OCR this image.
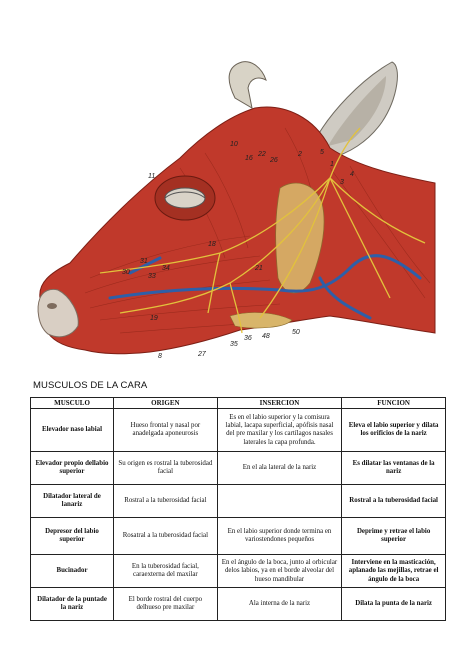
11
10
16
22
26
30
31
33
34
35
36
18
19
21
8	27
48
50
2	5
1
3
4
MUSCULOS DE LA CARA
MUSCULO	ORIGEN	INSERCION	FUNCION
Elevador naso labial	Hueso frontal y nasal por anadelgada aponeurosis	Es en el labio superior y la comisura labial, lacapa superficial, apófisis nasal del pre maxilar y los cartílagos nasales laterales la capa profunda.	Eleva el labio superior y dilata los orificios de la nariz
Elevador propio dellabio superior	Su origen es rostral la tuberosidad facial	En el ala lateral de la nariz	Es dilatar las ventanas de la nariz
Dilatador lateral de lanariz	Rostral a la tuberosidad facial		Rostral a la tuberosidad facial
Depresor del labio superior	Rosatral a la tuberosidad facial	En el labio superior donde termina en variostendones pequeños	Deprime y retrae el labio superior
Bucinador	En la tuberosidad facial, caraexterna del maxilar	En el ángulo de la boca, junto al orbicular delos labios, ya en el borde alveolar del hueso mandibular	Interviene en la masticación, aplanado las mejillas, retrae el ángulo de la boca
Dilatador de la puntade la nariz	El borde rostral del cuerpo delhueso pre maxilar	Ala interna de la nariz	Dilata la punta de la nariz
